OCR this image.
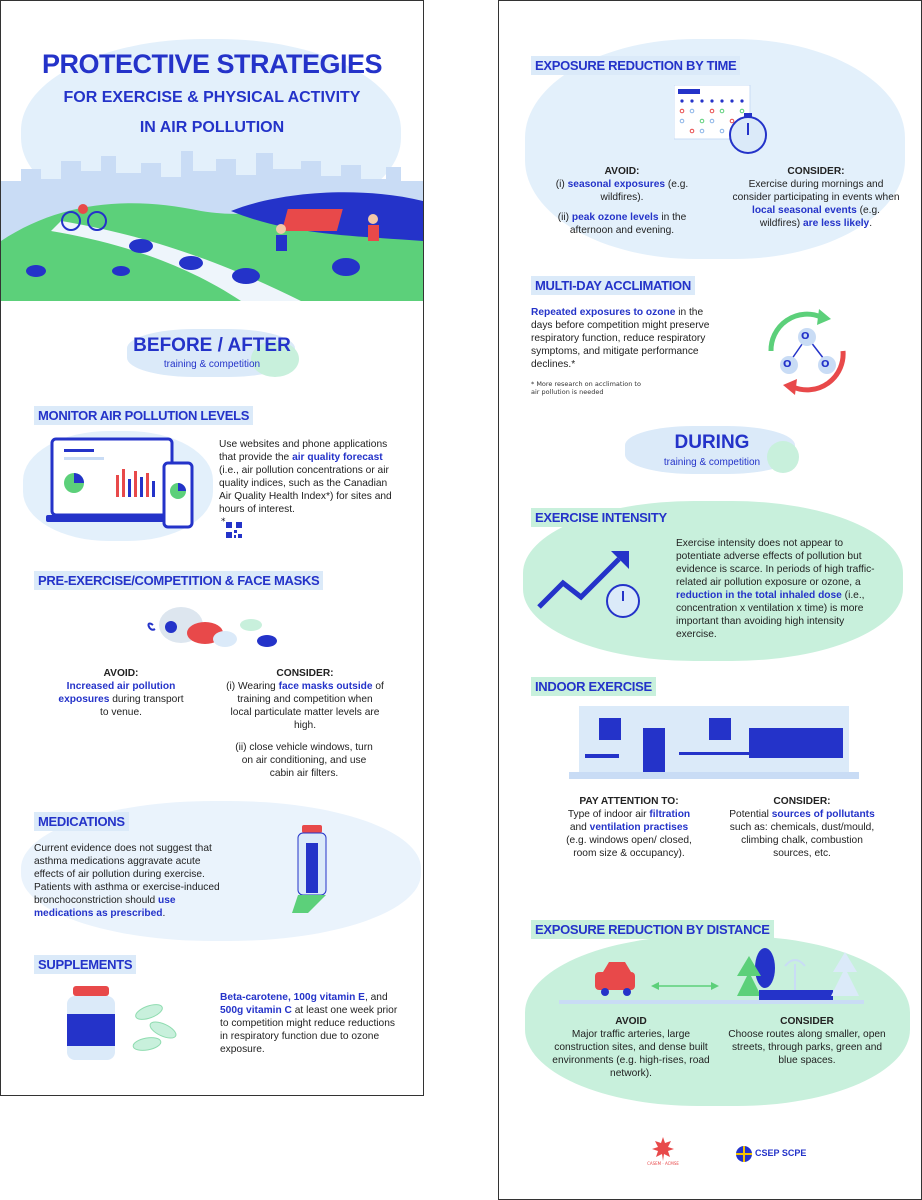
PROTECTIVE STRATEGIES
FOR EXERCISE & PHYSICAL ACTIVITY
IN AIR POLLUTION
BEFORE / AFTER
training & competition
MONITOR AIR POLLUTION LEVELS
Use websites and phone applications that provide the air quality forecast (i.e., air pollution concentrations or air quality indices, such as the Canadian Air Quality Health Index*) for sites and hours of interest.
*
PRE-EXERCISE/COMPETITION & FACE MASKS
AVOID:
Increased air pollution exposures during transport to venue.
CONSIDER:
(i) Wearing face masks outside of training and competition when local particulate matter levels are high.
(ii) close vehicle windows, turn on air conditioning, and use cabin air filters.
MEDICATIONS
Current evidence does not suggest that asthma medications aggravate acute effects of air pollution during exercise. Patients with asthma or exercise-induced bronchoconstriction should use medications as prescribed.
SUPPLEMENTS
Beta-carotene, 100g vitamin E, and 500g vitamin C at least one week prior to competition might reduce reductions in respiratory function due to ozone exposure.
EXPOSURE REDUCTION BY TIME
AVOID:
(i) seasonal exposures (e.g. wildfires).
(ii) peak ozone levels in the afternoon and evening.
CONSIDER:
Exercise during mornings and consider participating in events when local seasonal events (e.g. wildfires) are less likely.
MULTI-DAY ACCLIMATION
Repeated exposures to ozone in the days before competition might preserve respiratory function, reduce respiratory symptoms, and mitigate performance declines.*
* More research on acclimation to air pollution is needed
O
O	O
DURING
training & competition
EXERCISE INTENSITY
Exercise intensity does not appear to potentiate adverse effects of pollution but evidence is scarce. In periods of high traffic-related air pollution exposure or ozone, a reduction in the total inhaled dose (i.e., concentration x ventilation x time) is more important than avoiding high intensity exercise.
INDOOR EXERCISE
PAY ATTENTION TO:
Type of indoor air filtration and ventilation practises (e.g. windows open/ closed, room size & occupancy).
CONSIDER:
Potential sources of pollutants such as: chemicals, dust/mould, climbing chalk, combustion sources, etc.
EXPOSURE REDUCTION BY DISTANCE
AVOID
Major traffic arteries, large construction sites, and dense built environments (e.g. high-rises, road network).
CONSIDER
Choose routes along smaller, open streets, through parks, green and blue spaces.
CASEM · ACMSE
CSEP SCPE
